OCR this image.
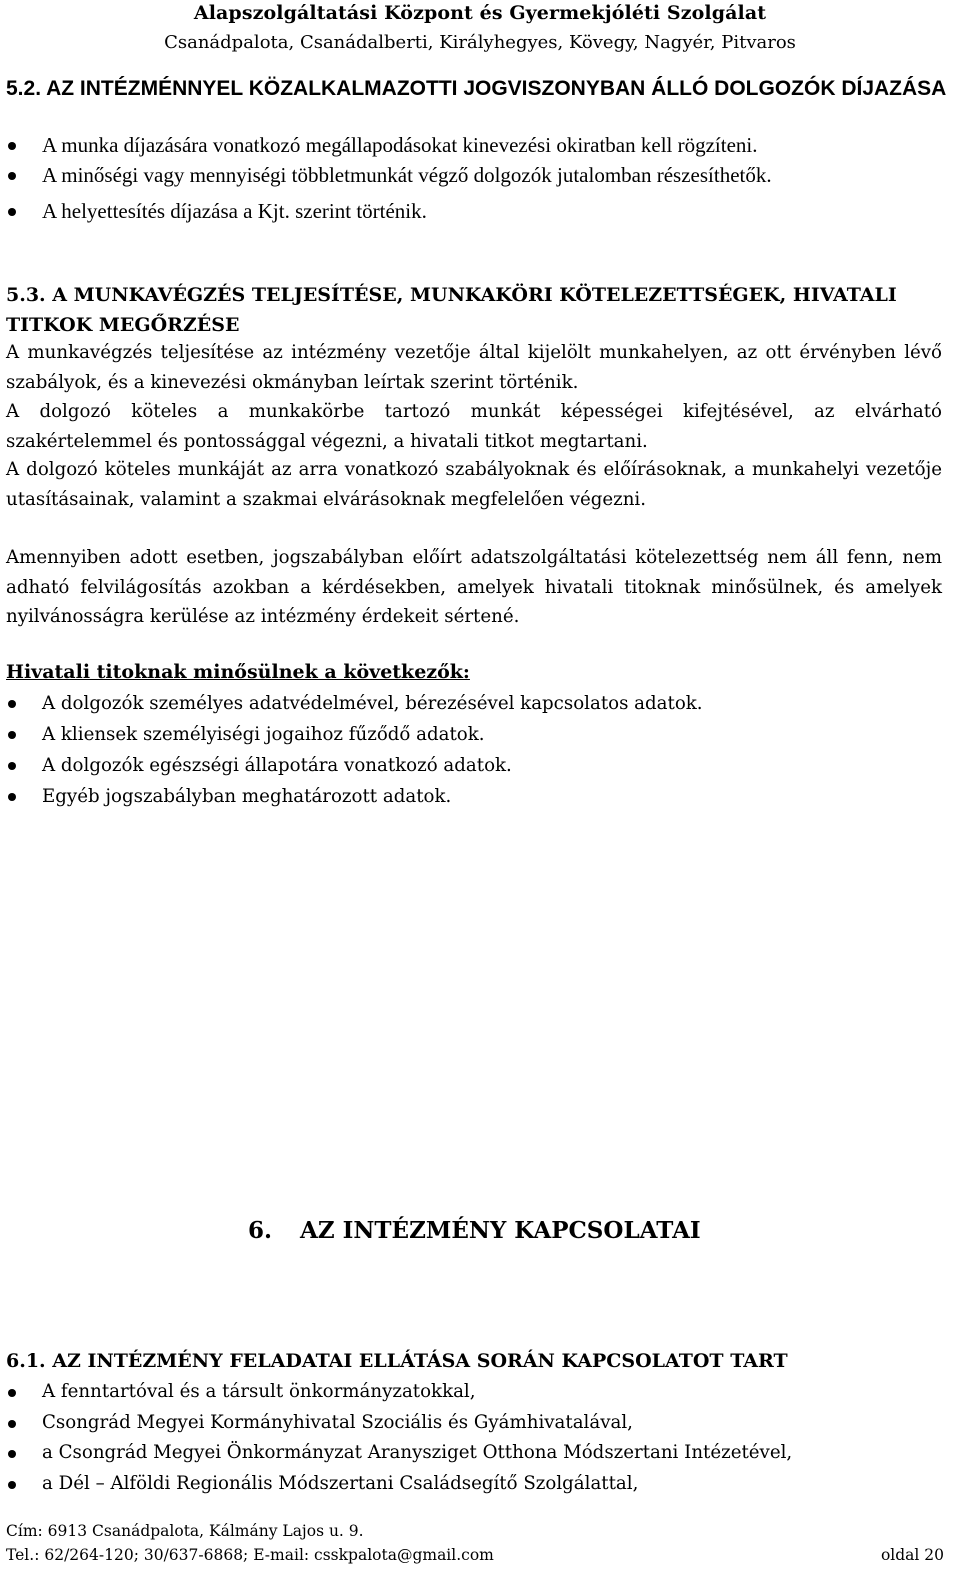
Alapszolgáltatási Központ és Gyermekjóléti Szolgálat
Csanádpalota, Csanádalberti, Királyhegyes, Kövegy, Nagyér, Pitvaros
5.2. AZ INTÉZMÉNNYEL KÖZALKALMAZOTTI JOGVISZONYBAN ÁLLÓ DOLGOZÓK DÍJAZÁSA
A munka díjazására vonatkozó megállapodásokat kinevezési okiratban kell rögzíteni.
A minőségi vagy mennyiségi többletmunkát végző dolgozók jutalomban részesíthetők.
A helyettesítés díjazása a Kjt. szerint történik.
5.3. A MUNKAVÉGZÉS TELJESÍTÉSE, MUNKAKÖRI KÖTELEZETTSÉGEK, HIVATALI TITKOK MEGŐRZÉSE
A munkavégzés teljesítése az intézmény vezetője által kijelölt munkahelyen, az ott érvényben lévő szabályok, és a kinevezési okmányban leírtak szerint történik.
A dolgozó köteles a munkakörbe tartozó munkát képességei kifejtésével, az elvárható szakértelemmel és pontossággal végezni, a hivatali titkot megtartani.
A dolgozó köteles munkáját az arra vonatkozó szabályoknak és előírásoknak, a munkahelyi vezetője utasításainak, valamint a szakmai elvárásoknak megfelelően végezni.
Amennyiben adott esetben, jogszabályban előírt adatszolgáltatási kötelezettség nem áll fenn, nem adható felvilágosítás azokban a kérdésekben, amelyek hivatali titoknak minősülnek, és amelyek nyilvánosságra kerülése az intézmény érdekeit sértené.
Hivatali titoknak minősülnek a következők:
A dolgozók személyes adatvédelmével, bérezésével kapcsolatos adatok.
A kliensek személyiségi jogaihoz fűződő adatok.
A dolgozók egészségi állapotára vonatkozó adatok.
Egyéb jogszabályban meghatározott adatok.
6. AZ INTÉZMÉNY KAPCSOLATAI
6.1. AZ INTÉZMÉNY FELADATAI ELLÁTÁSA SORÁN KAPCSOLATOT TART
A fenntartóval és a társult önkormányzatokkal,
Csongrád Megyei Kormányhivatal Szociális és Gyámhivatalával,
a Csongrád Megyei Önkormányzat Aranysziget Otthona Módszertani Intézetével,
a Dél – Alföldi Regionális Módszertani Családsegítő Szolgálattal,
Cím: 6913 Csanádpalota, Kálmány Lajos u. 9.
Tel.: 62/264-120; 30/637-6868; E-mail: csskpalota@gmail.com	oldal 20
